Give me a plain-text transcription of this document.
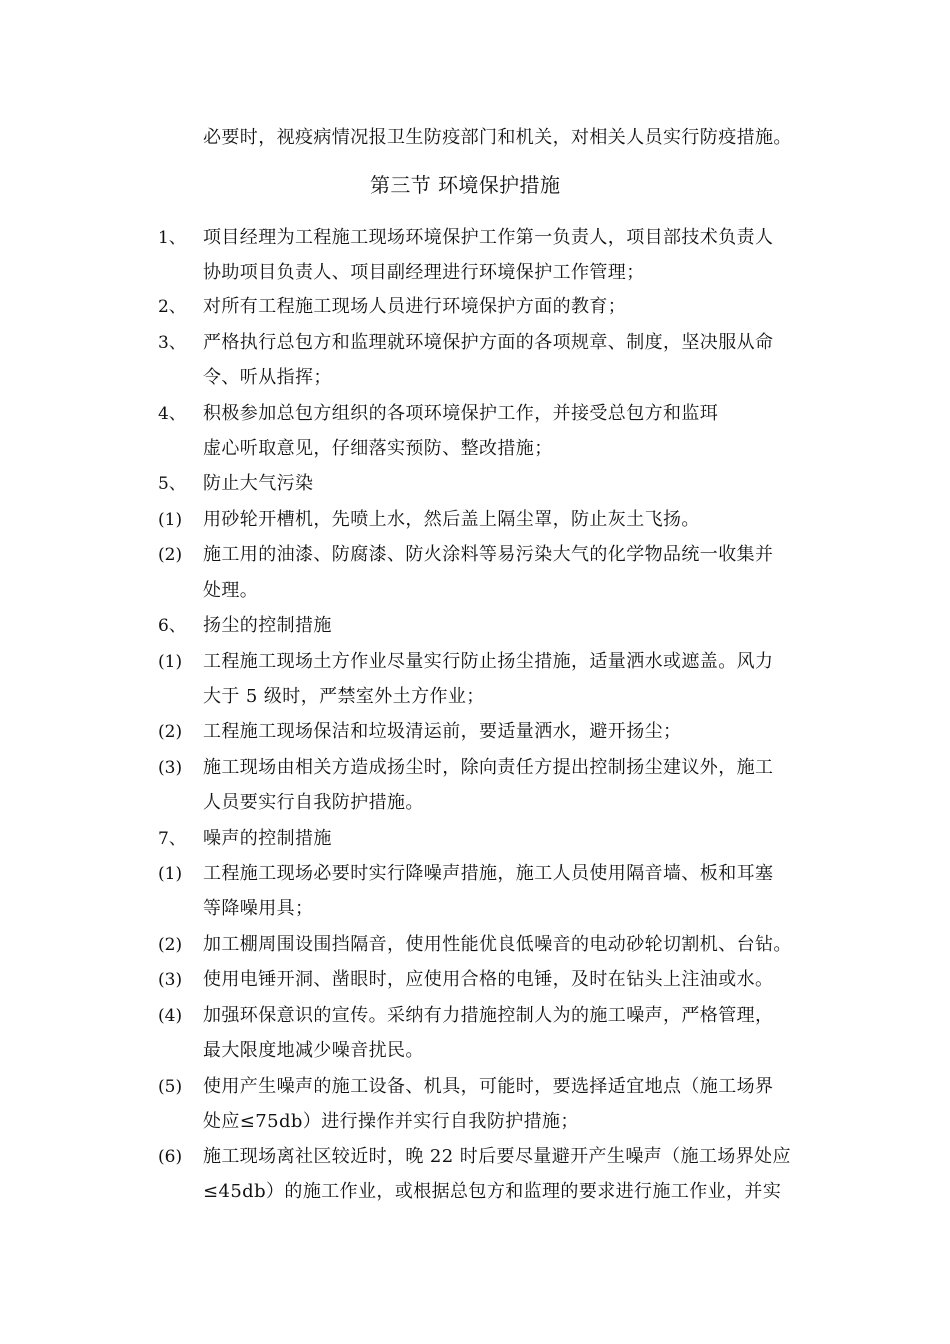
必要时，视疫病情况报卫生防疫部门和机关，对相关人员实行防疫措施。
第三节 环境保护措施
1、 项目经理为工程施工现场环境保护工作第一负责人，项目部技术负责人
协助项目负责人、项目副经理进行环境保护工作管理；
2、 对所有工程施工现场人员进行环境保护方面的教育；
3、 严格执行总包方和监理就环境保护方面的各项规章、制度，坚决服从命
令、听从指挥；
4、 积极参加总包方组织的各项环境保护工作，并接受总包方和监珥
虚心听取意见，仔细落实预防、整改措施；
5、 防止大气污染
(1) 用砂轮开槽机，先喷上水，然后盖上隔尘罩，防止灰土飞扬。
(2) 施工用的油漆、防腐漆、防火涂料等易污染大气的化学物品统一收集并
处理。
6、 扬尘的控制措施
(1) 工程施工现场土方作业尽量实行防止扬尘措施，适量洒水或遮盖。风力
大于 5 级时，严禁室外土方作业；
(2) 工程施工现场保洁和垃圾清运前，要适量洒水，避开扬尘；
(3) 施工现场由相关方造成扬尘时，除向责任方提出控制扬尘建议外，施工
人员要实行自我防护措施。
7、 噪声的控制措施
(1) 工程施工现场必要时实行降噪声措施，施工人员使用隔音墙、板和耳塞
等降噪用具；
(2) 加工棚周围设围挡隔音，使用性能优良低噪音的电动砂轮切割机、台钻。
(3) 使用电锤开洞、凿眼时，应使用合格的电锤，及时在钻头上注油或水。
(4) 加强环保意识的宣传。采纳有力措施控制人为的施工噪声，严格管理，
最大限度地减少噪音扰民。
(5) 使用产生噪声的施工设备、机具，可能时，要选择适宜地点（施工场界
处应≤75db）进行操作并实行自我防护措施；
(6) 施工现场离社区较近时，晚 22 时后要尽量避开产生噪声（施工场界处应
≤45db）的施工作业，或根据总包方和监理的要求进行施工作业，并实
